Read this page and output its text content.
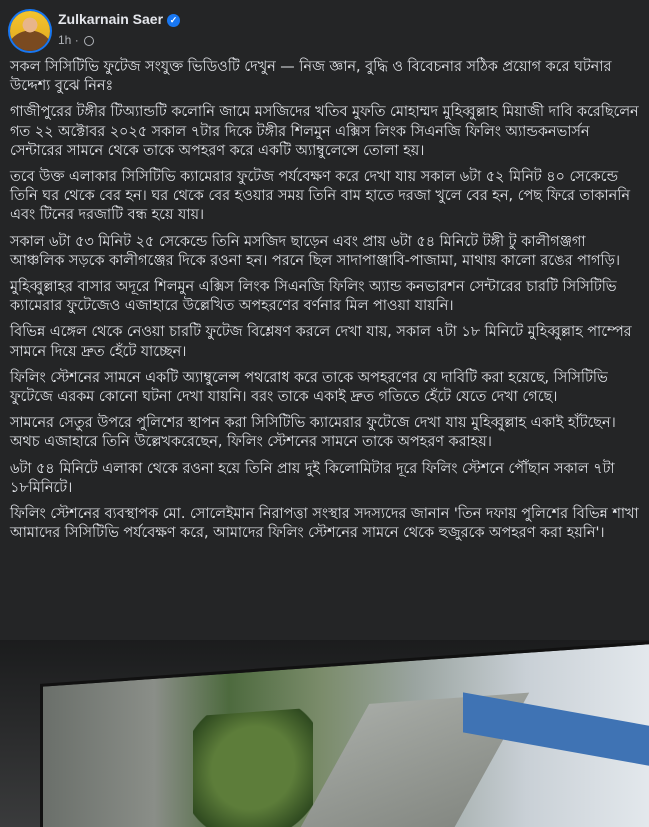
Zulkarnain Saer ✓
1h ·

সকল সিসিটিভি ফুটেজ সংযুক্ত ভিডিওটি দেখুন — নিজ জ্ঞান, বুদ্ধি ও বিবেচনার সঠিক প্রয়োগ করে ঘটনার উদ্দেশ্য বুঝে নিনঃ

গাজীপুরের টঙ্গীর টিঅ্যান্ডটি কলোনি জামে মসজিদের খতিব মুফতি মোহাম্মদ মুহিব্বুল্লাহ মিয়াজী দাবি করেছিলেন গত ২২ অক্টোবর ২০২৫ সকাল ৭টার দিকে টঙ্গীর শিলমুন এক্সিস লিংক সিএনজি ফিলিং অ্যান্ডকনভার্সন সেন্টারের সামনে থেকে তাকে অপহরণ করে একটি অ্যাম্বুলেন্সে তোলা হয়।

তবে উক্ত এলাকার সিসিটিভি ক্যামেরার ফুটেজ পর্যবেক্ষণ করে দেখা যায় সকাল ৬টা ৫২ মিনিট ৪০ সেকেন্ডে তিনি ঘর থেকে বের হন। ঘর থেকে বের হওয়ার সময় তিনি বাম হাতে দরজা খুলে বের হন, পেছ ফিরে তাকাননি এবং টিনের দরজাটি বন্ধ হয়ে যায়।

সকাল ৬টা ৫৩ মিনিট ২৫ সেকেন্ডে তিনি মসজিদ ছাড়েন এবং প্রায় ৬টা ৫৪ মিনিটে টঙ্গী টু কালীগঞ্জগা আঞ্চলিক সড়কে কালীগঞ্জের দিকে রওনা হন। পরনে ছিল সাদাপাঞ্জাবি-পাজামা, মাথায় কালো রঙের পাগড়ি।

মুহিব্বুল্লাহর বাসার অদূরে শিলমুন এক্সিস লিংক সিএনজি ফিলিং অ্যান্ড কনভারশন সেন্টারের চারটি সিসিটিভি ক্যামেরার ফুটেজেও এজাহারে উল্লেখিত অপহরণের বর্ণনার মিল পাওয়া যায়নি।

বিভিন্ন এঙ্গেল থেকে নেওয়া চারটি ফুটেজ বিশ্লেষণ করলে দেখা যায়, সকাল ৭টা ১৮ মিনিটে মুহিব্বুল্লাহ পাম্পের সামনে দিয়ে দ্রুত হেঁটে যাচ্ছেন।

ফিলিং স্টেশনের সামনে একটি অ্যাম্বুলেন্স পথরোধ করে তাকে অপহরণের যে দাবিটি করা হয়েছে, সিসিটিভি ফুটেজে এরকম কোনো ঘটনা দেখা যায়নি। বরং তাকে একাই দ্রুত গতিতে হেঁটে যেতে দেখা গেছে।

সামনের সেতুর উপরে পুলিশের স্থাপন করা সিসিটিভি ক্যামেরার ফুটেজে দেখা যায় মুহিব্বুল্লাহ একাই হাঁটছেন। অথচ এজাহারে তিনি উল্লেখকরেছেন, ফিলিং স্টেশনের সামনে তাকে অপহরণ করাহয়।

৬টা ৫৪ মিনিটে এলাকা থেকে রওনা হয়ে তিনি প্রায় দুই কিলোমিটার দূরে ফিলিং স্টেশনে পৌঁছান সকাল ৭টা ১৮মিনিটে।

ফিলিং স্টেশনের ব্যবস্থাপক মো. সোলেইমান নিরাপত্তা সংস্থার সদস্যদের জানান 'তিন দফায় পুলিশের বিভিন্ন শাখা আমাদের সিসিটিভি পর্যবেক্ষণ করে, আমাদের ফিলিং স্টেশনের সামনে থেকে হুজুরকে অপহরণ করা হয়নি'।
